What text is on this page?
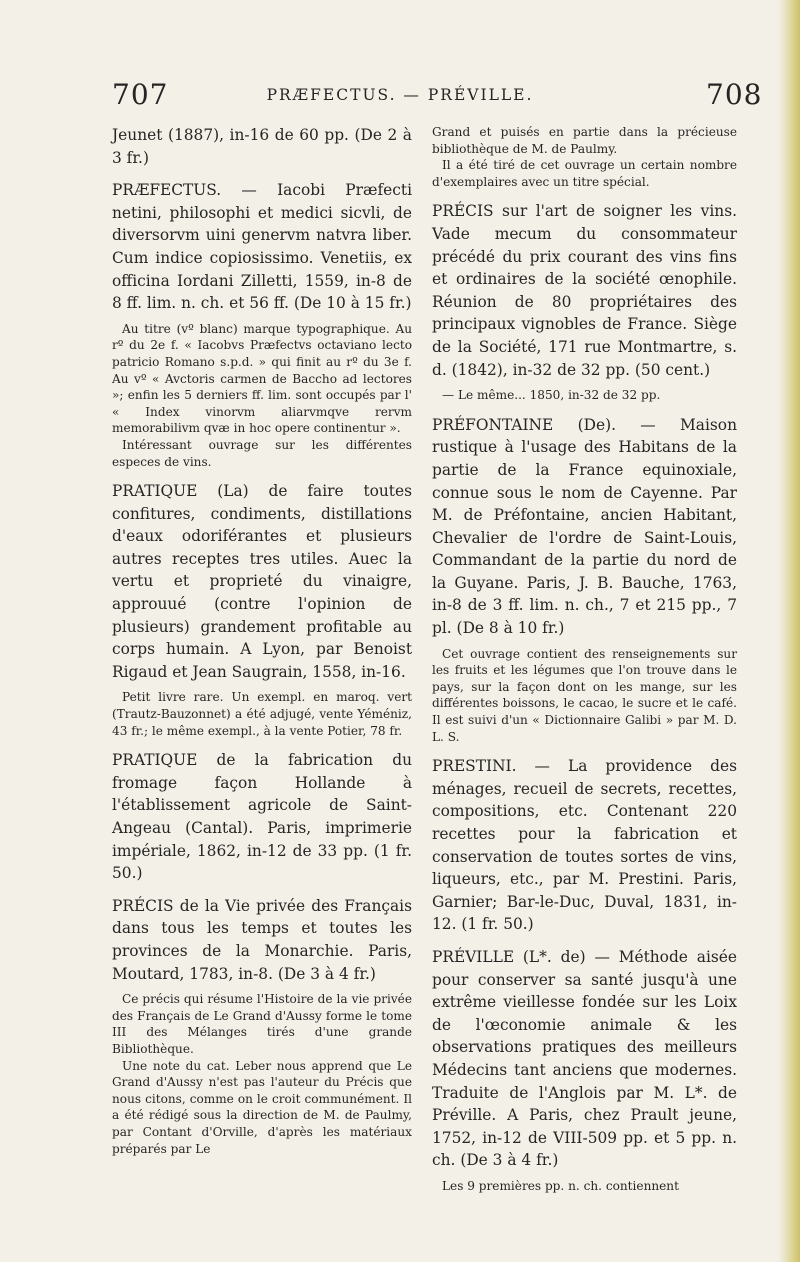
707	PRÆFECTUS. — PRÉVILLE.	708

Jeunet (1887), in-16 de 60 pp. (De 2 à 3 fr.)

PRÆFECTUS. — Iacobi Præfecti netini, philosophi et medici sicvli, de diversorvm uini genervm natvra liber. Cum indice copiosissimo. Venetiis, ex officina Iordani Zilletti, 1559, in-8 de 8 ff. lim. n. ch. et 56 ff. (De 10 à 15 fr.)

Au titre (vº blanc) marque typographique. Au rº du 2e f. « Iacobvs Præfectvs octaviano lecto patricio Romano s.p.d. » qui finit au rº du 3e f. Au vº « Avctoris carmen de Baccho ad lectores »; enfin les 5 derniers ff. lim. sont occupés par l' « Index vinorvm aliarvmqve rervm memorabilivm qvæ in hoc opere continentur ».

Intéressant ouvrage sur les différentes especes de vins.

PRATIQUE (La) de faire toutes confitures, condiments, distillations d'eaux odoriférantes et plusieurs autres receptes tres utiles. Auec la vertu et proprieté du vinaigre, approuué (contre l'opinion de plusieurs) grandement profitable au corps humain. A Lyon, par Benoist Rigaud et Jean Saugrain, 1558, in-16.

Petit livre rare. Un exempl. en maroq. vert (Trautz-Bauzonnet) a été adjugé, vente Yéméniz, 43 fr.; le même exempl., à la vente Potier, 78 fr.

PRATIQUE de la fabrication du fromage façon Hollande à l'établissement agricole de Saint-Angeau (Cantal). Paris, imprimerie impériale, 1862, in-12 de 33 pp. (1 fr. 50.)

PRÉCIS de la Vie privée des Français dans tous les temps et toutes les provinces de la Monarchie. Paris, Moutard, 1783, in-8. (De 3 à 4 fr.)

Ce précis qui résume l'Histoire de la vie privée des Français de Le Grand d'Aussy forme le tome III des Mélanges tirés d'une grande Bibliothèque.

Une note du cat. Leber nous apprend que Le Grand d'Aussy n'est pas l'auteur du Précis que nous citons, comme on le croit communément. Il a été rédigé sous la direction de M. de Paulmy, par Contant d'Orville, d'après les matériaux préparés par Le

Grand et puisés en partie dans la précieuse bibliothèque de M. de Paulmy.

Il a été tiré de cet ouvrage un certain nombre d'exemplaires avec un titre spécial.

PRÉCIS sur l'art de soigner les vins. Vade mecum du consommateur précédé du prix courant des vins fins et ordinaires de la société œnophile. Réunion de 80 propriétaires des principaux vignobles de France. Siège de la Société, 171 rue Montmartre, s. d. (1842), in-32 de 32 pp. (50 cent.)

— Le même... 1850, in-32 de 32 pp.

PRÉFONTAINE (De). — Maison rustique à l'usage des Habitans de la partie de la France equinoxiale, connue sous le nom de Cayenne. Par M. de Préfontaine, ancien Habitant, Chevalier de l'ordre de Saint-Louis, Commandant de la partie du nord de la Guyane. Paris, J. B. Bauche, 1763, in-8 de 3 ff. lim. n. ch., 7 et 215 pp., 7 pl. (De 8 à 10 fr.)

Cet ouvrage contient des renseignements sur les fruits et les légumes que l'on trouve dans le pays, sur la façon dont on les mange, sur les différentes boissons, le cacao, le sucre et le café. Il est suivi d'un « Dictionnaire Galibi » par M. D. L. S.

PRESTINI. — La providence des ménages, recueil de secrets, recettes, compositions, etc. Contenant 220 recettes pour la fabrication et conservation de toutes sortes de vins, liqueurs, etc., par M. Prestini. Paris, Garnier; Bar-le-Duc, Duval, 1831, in-12. (1 fr. 50.)

PRÉVILLE (L*. de) — Méthode aisée pour conserver sa santé jusqu'à une extrême vieillesse fondée sur les Loix de l'œconomie animale & les observations pratiques des meilleurs Médecins tant anciens que modernes. Traduite de l'Anglois par M. L*. de Préville. A Paris, chez Prault jeune, 1752, in-12 de VIII-509 pp. et 5 pp. n. ch. (De 3 à 4 fr.)

Les 9 premières pp. n. ch. contiennent
